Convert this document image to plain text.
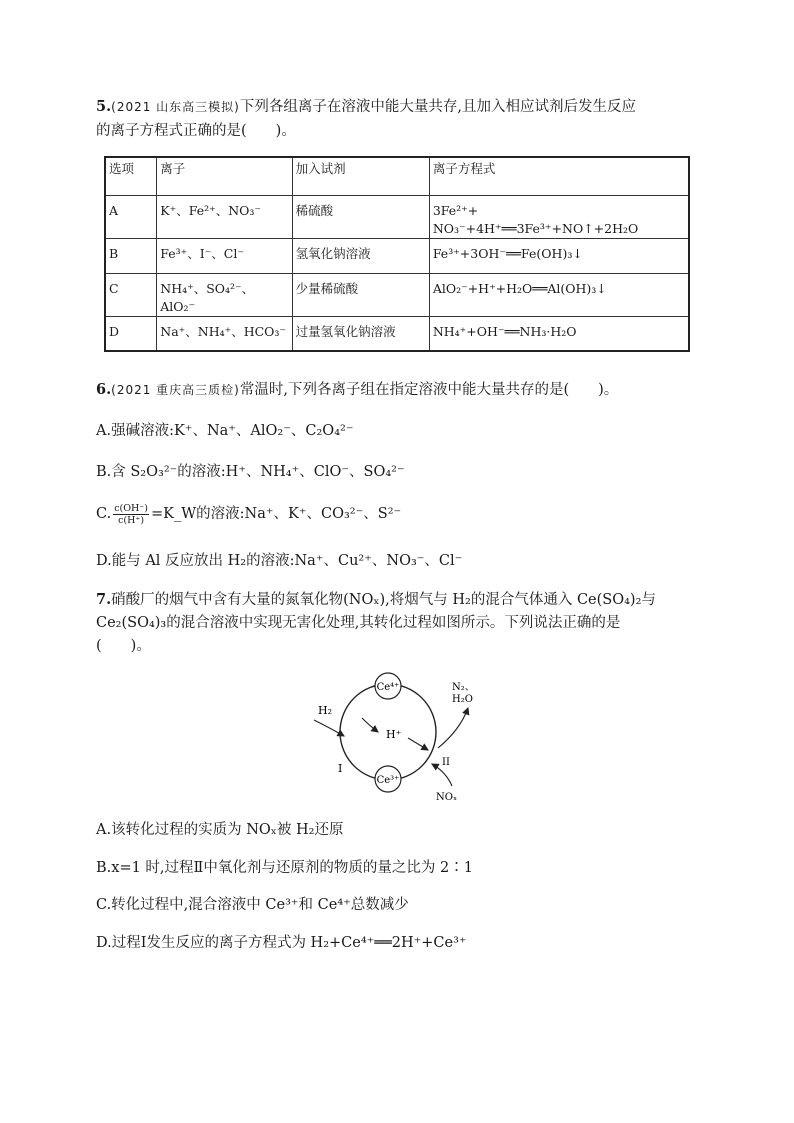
5.(2021 山东高三模拟)下列各组离子在溶液中能大量共存,且加入相应试剂后发生反应
的离子方程式正确的是(　　)。
选项	离子	加入试剂	离子方程式
A	K⁺、Fe²⁺、NO₃⁻	稀硫酸	3Fe²⁺+ NO₃⁻+4H⁺══3Fe³⁺+NO↑+2H₂O
B	Fe³⁺、I⁻、Cl⁻	氢氧化钠溶液	Fe³⁺+3OH⁻══Fe(OH)₃↓
C	NH₄⁺、SO₄²⁻、AlO₂⁻	少量稀硫酸	AlO₂⁻+H⁺+H₂O══Al(OH)₃↓
D	Na⁺、NH₄⁺、HCO₃⁻	过量氢氧化钠溶液	NH₄⁺+OH⁻══NH₃·H₂O
6.(2021 重庆高三质检)常温时,下列各离子组在指定溶液中能大量共存的是(　　)。
A.强碱溶液:K⁺、Na⁺、AlO₂⁻、C₂O₄²⁻
B.含 S₂O₃²⁻的溶液:H⁺、NH₄⁺、ClO⁻、SO₄²⁻
C. $\frac{c(OH^-)}{c(H^+)}$ =K_W的溶液:Na⁺、K⁺、CO₃²⁻、S²⁻
D.能与 Al 反应放出 H₂的溶液:Na⁺、Cu²⁺、NO₃⁻、Cl⁻
7.硝酸厂的烟气中含有大量的氮氧化物(NOₓ),将烟气与 H₂的混合气体通入 Ce(SO₄)₂与
Ce₂(SO₄)₃的混合溶液中实现无害化处理,其转化过程如图所示。下列说法正确的是
(　　)。
Ce⁴⁺
Ce³⁺
H₂
H⁺
I	II
N₂、
H₂O
NOₓ
A.该转化过程的实质为 NOₓ被 H₂还原
B.x=1 时,过程Ⅱ中氧化剂与还原剂的物质的量之比为 2∶1
C.转化过程中,混合溶液中 Ce³⁺和 Ce⁴⁺总数减少
D.过程Ⅰ发生反应的离子方程式为 H₂+Ce⁴⁺══2H⁺+Ce³⁺
